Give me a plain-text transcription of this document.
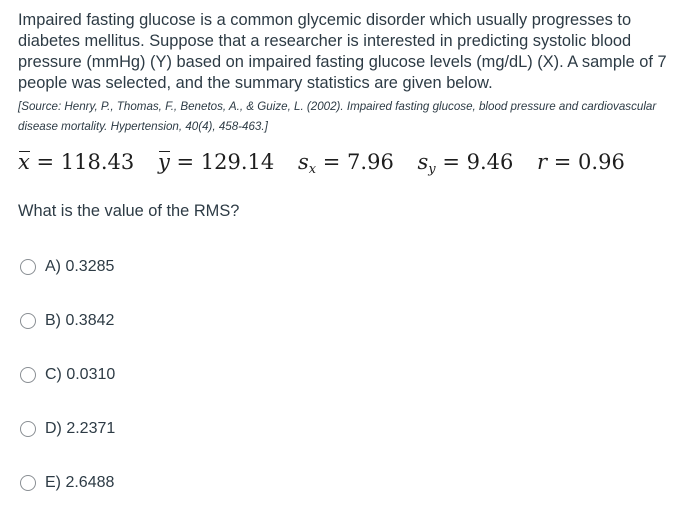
Impaired fasting glucose is a common glycemic disorder which usually progresses to diabetes mellitus. Suppose that a researcher is interested in predicting systolic blood pressure (mmHg) (Y) based on impaired fasting glucose levels (mg/dL) (X). A sample of 7 people was selected, and the summary statistics are given below.

[Source: Henry, P., Thomas, F., Benetos, A., & Guize, L. (2002). Impaired fasting glucose, blood pressure and cardiovascular disease mortality. Hypertension, 40(4), 458-463.]

x = 118.43 y = 129.14 $s_x = 7.96$ $s_y = 9.46$ r = 0.96

What is the value of the RMS?

A) 0.3285
B) 0.3842
C) 0.0310
D) 2.2371
E) 2.6488
